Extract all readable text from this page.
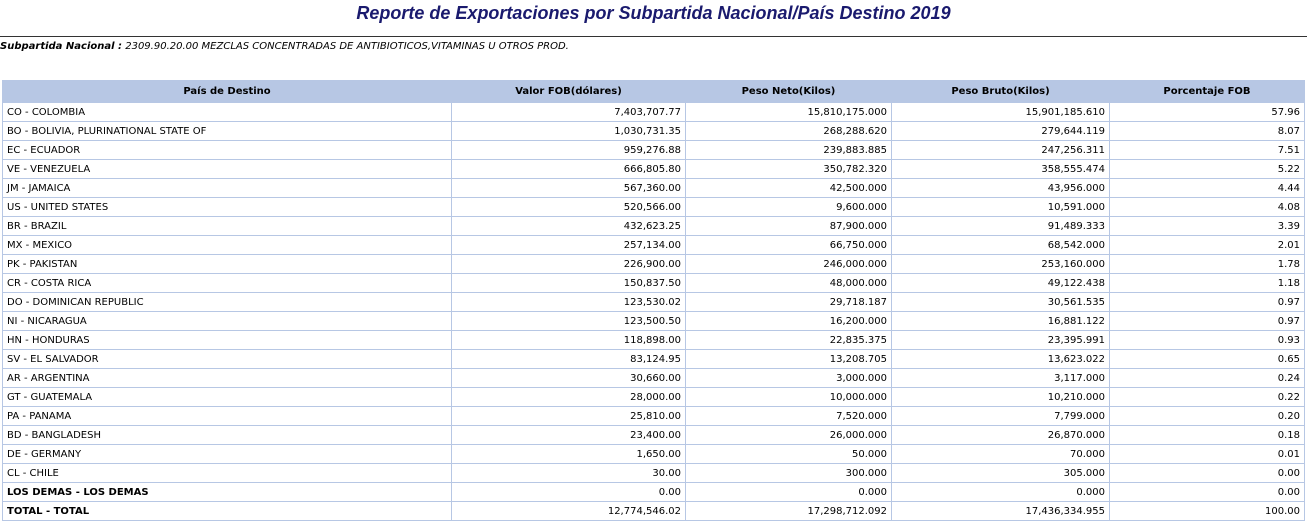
Reporte de Exportaciones por Subpartida Nacional/País Destino 2019
Subpartida Nacional : 2309.90.20.00 MEZCLAS CONCENTRADAS DE ANTIBIOTICOS,VITAMINAS U OTROS PROD.
País de Destino	Valor FOB(dólares)	Peso Neto(Kilos)	Peso Bruto(Kilos)	Porcentaje FOB
CO - COLOMBIA	7,403,707.77	15,810,175.000	15,901,185.610	57.96
BO - BOLIVIA, PLURINATIONAL STATE OF	1,030,731.35	268,288.620	279,644.119	8.07
EC - ECUADOR	959,276.88	239,883.885	247,256.311	7.51
VE - VENEZUELA	666,805.80	350,782.320	358,555.474	5.22
JM - JAMAICA	567,360.00	42,500.000	43,956.000	4.44
US - UNITED STATES	520,566.00	9,600.000	10,591.000	4.08
BR - BRAZIL	432,623.25	87,900.000	91,489.333	3.39
MX - MEXICO	257,134.00	66,750.000	68,542.000	2.01
PK - PAKISTAN	226,900.00	246,000.000	253,160.000	1.78
CR - COSTA RICA	150,837.50	48,000.000	49,122.438	1.18
DO - DOMINICAN REPUBLIC	123,530.02	29,718.187	30,561.535	0.97
NI - NICARAGUA	123,500.50	16,200.000	16,881.122	0.97
HN - HONDURAS	118,898.00	22,835.375	23,395.991	0.93
SV - EL SALVADOR	83,124.95	13,208.705	13,623.022	0.65
AR - ARGENTINA	30,660.00	3,000.000	3,117.000	0.24
GT - GUATEMALA	28,000.00	10,000.000	10,210.000	0.22
PA - PANAMA	25,810.00	7,520.000	7,799.000	0.20
BD - BANGLADESH	23,400.00	26,000.000	26,870.000	0.18
DE - GERMANY	1,650.00	50.000	70.000	0.01
CL - CHILE	30.00	300.000	305.000	0.00
LOS DEMAS - LOS DEMAS	0.00	0.000	0.000	0.00
TOTAL - TOTAL	12,774,546.02	17,298,712.092	17,436,334.955	100.00
